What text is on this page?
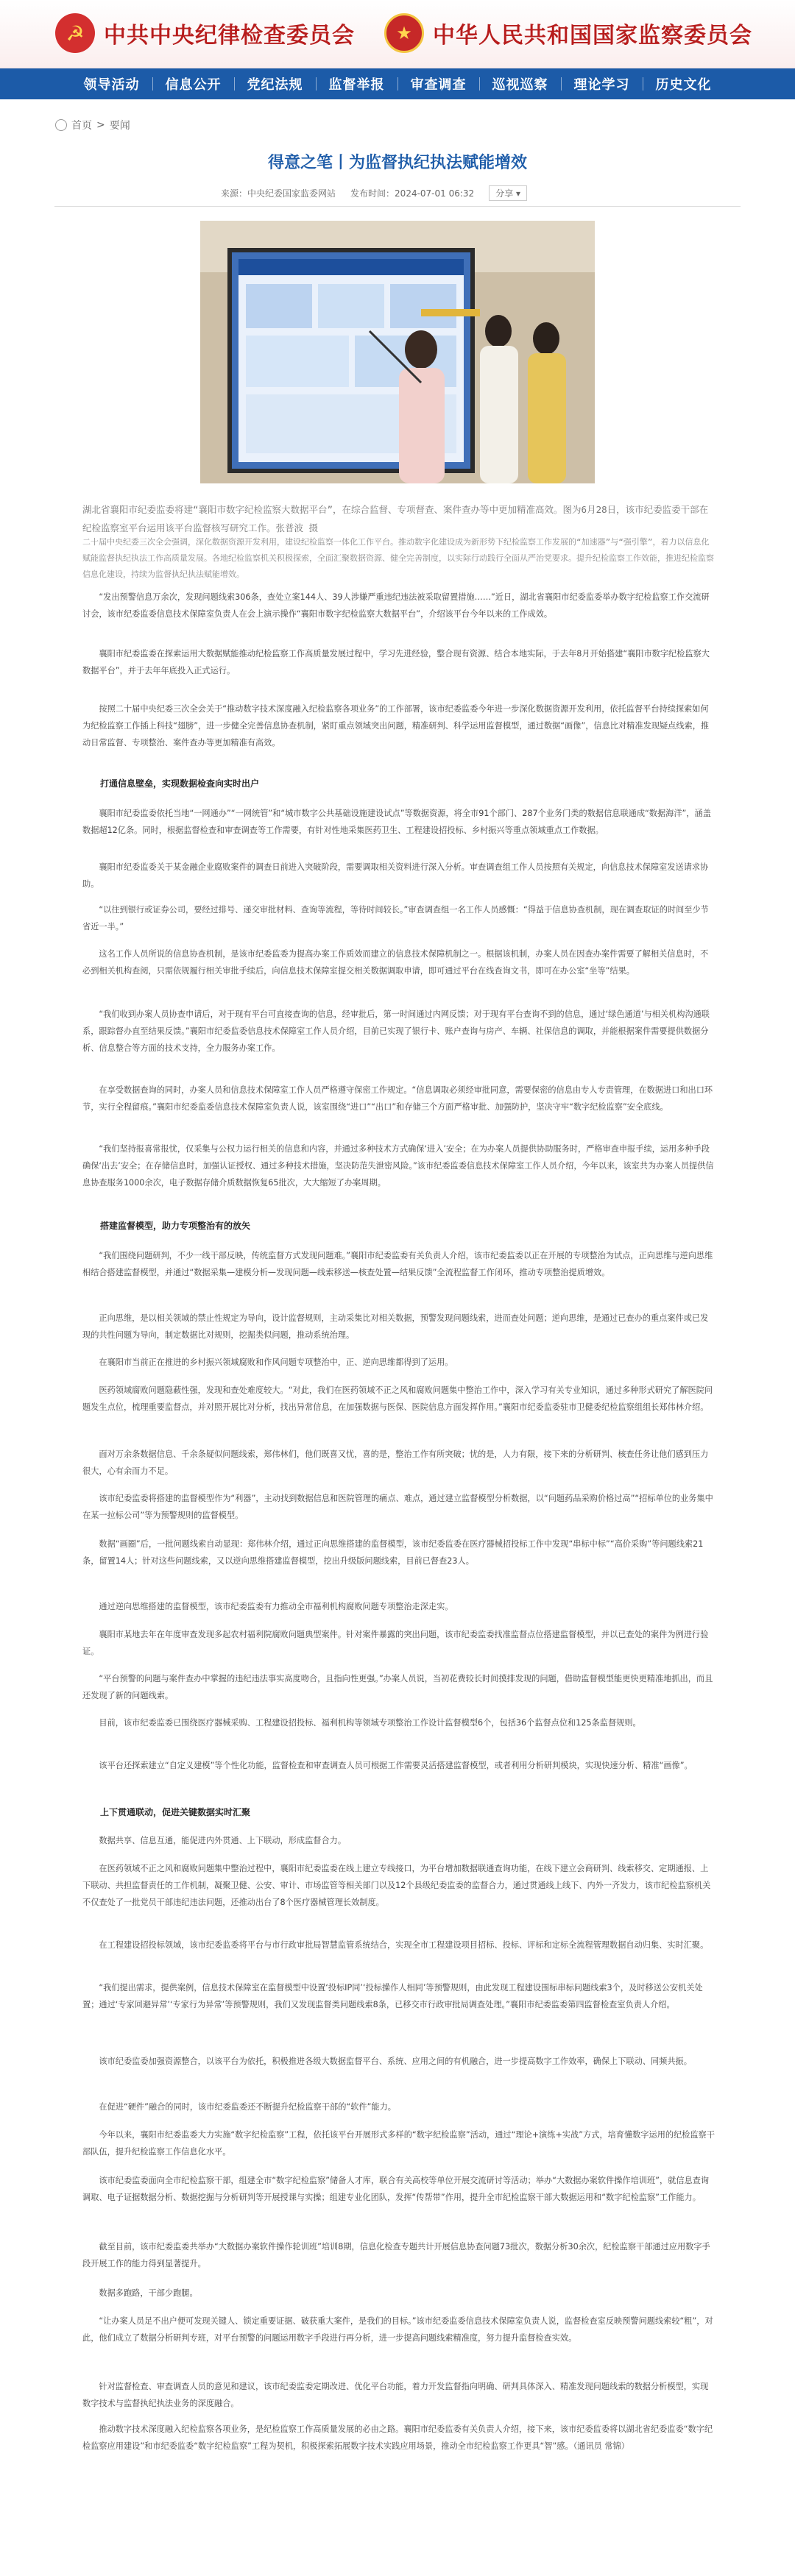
☭ 中共中央纪律检查委员会	★ 中华人民共和国国家监察委员会
领导活动	信息公开	党纪法规	监督举报	审查调查	巡视巡察	理论学习	历史文化
首页 > 要闻
得意之笔丨为监督执纪执法赋能增效
来源：中央纪委国家监委网站 发布时间：2024-07-01 06:32	分享 ▾
湖北省襄阳市纪委监委将建“襄阳市数字纪检监察大数据平台”，在综合监督、专项督查、案件查办等中更加精准高效。图为6月28日，该市纪委监委干部在纪检监察室平台运用该平台监督核写研究工作。张普波 摄
二十届中央纪委三次全会强调，深化数据资源开发利用，建设纪检监察一体化工作平台。推动数字化建设成为新形势下纪检监察工作发展的“加速器”与“强引擎”，着力以信息化赋能监督执纪执法工作高质量发展。各地纪检监察机关积极探索，全面汇聚数据资源、健全完善制度，以实际行动践行全面从严治党要求。提升纪检监察工作效能，推进纪检监察信息化建设，持续为监督执纪执法赋能增效。

“发出预警信息万余次，发现问题线索306条，查处立案144人、39人涉嫌严重违纪违法被采取留置措施……”近日，湖北省襄阳市纪委监委举办数字纪检监察工作交流研讨会，该市纪委监委信息技术保障室负责人在会上演示操作“襄阳市数字纪检监察大数据平台”，介绍该平台今年以来的工作成效。

襄阳市纪委监委在探索运用大数据赋能推动纪检监察工作高质量发展过程中，学习先进经验，整合现有资源、结合本地实际，于去年8月开始搭建“襄阳市数字纪检监察大数据平台”，并于去年年底投入正式运行。

按照二十届中央纪委三次全会关于“推动数字技术深度融入纪检监察各项业务”的工作部署，该市纪委监委今年进一步深化数据资源开发利用，依托监督平台持续探索如何为纪检监察工作插上科技“翅膀”，进一步健全完善信息协查机制，紧盯重点领域突出问题，精准研判、科学运用监督模型，通过数据“画像”，信息比对精准发现疑点线索，推动日常监督、专项整治、案件查办等更加精准有高效。

打通信息壁垒，实现数据检查向实时出户

襄阳市纪委监委依托当地“一网通办”“一网统管”和“城市数字公共基础设施建设试点”等数据资源，将全市91个部门、287个业务门类的数据信息联通成“数据海洋”，涵盖数据超12亿条。同时，根据监督检查和审查调查等工作需要，有针对性地采集医药卫生、工程建设招投标、乡村振兴等重点领域重点工作数据。

襄阳市纪委监委关于某金融企业腐败案件的调查日前进入突破阶段，需要调取相关资料进行深入分析。审查调查组工作人员按照有关规定，向信息技术保障室发送请求协助。

“以往到银行或证券公司，要经过排号、递交审批材料、查询等流程，等待时间较长。”审查调查组一名工作人员感慨：“得益于信息协查机制，现在调查取证的时间至少节省近一半。”

这名工作人员所说的信息协查机制，是该市纪委监委为提高办案工作质效而建立的信息技术保障机制之一。根据该机制，办案人员在因查办案件需要了解相关信息时，不必到相关机构查阅，只需依规履行相关审批手续后，向信息技术保障室提交相关数据调取申请，即可通过平台在线查询文书，即可在办公室“坐等”结果。

“我们收到办案人员协查申请后，对于现有平台可直接查询的信息，经审批后，第一时间通过内网反馈；对于现有平台查询不到的信息，通过‘绿色通道’与相关机构沟通联系，跟踪督办直至结果反馈。”襄阳市纪委监委信息技术保障室工作人员介绍，目前已实现了银行卡、账户查询与房产、车辆、社保信息的调取，并能根据案件需要提供数据分析、信息整合等方面的技术支持，全力服务办案工作。

在享受数据查询的同时，办案人员和信息技术保障室工作人员严格遵守保密工作规定。“信息调取必须经审批同意，需要保密的信息由专人专责管理，在数据进口和出口环节，实行全程留痕。”襄阳市纪委监委信息技术保障室负责人说，该室围绕“进口”“出口”和存储三个方面严格审批、加强防护，坚决守牢“数字纪检监察”安全底线。

“我们坚持报喜常报忧，仅采集与公权力运行相关的信息和内容，并通过多种技术方式确保‘进入’安全；在为办案人员提供协助服务时，严格审查申报手续，运用多种手段确保‘出去’安全；在存储信息时，加强认证授权、通过多种技术措施，坚决防范失泄密风险。”该市纪委监委信息技术保障室工作人员介绍，今年以来，该室共为办案人员提供信息协查服务1000余次，电子数据存储介质数据恢复65批次，大大缩短了办案周期。

搭建监督模型，助力专项整治有的放矢

“我们围绕问题研判，不少一线干部反映，传统监督方式发现问题难。”襄阳市纪委监委有关负责人介绍，该市纪委监委以正在开展的专项整治为试点，正向思维与逆向思维相结合搭建监督模型，并通过“数据采集—建模分析—发现问题—线索移送—核查处置—结果反馈”全流程监督工作闭环，推动专项整治提质增效。

正向思维，是以相关领域的禁止性规定为导向，设计监督规则，主动采集比对相关数据，预警发现问题线索，进而查处问题；逆向思维，是通过已查办的重点案件或已发现的共性问题为导向，制定数据比对规则，挖掘类似问题，推动系统治理。

在襄阳市当前正在推进的乡村振兴领域腐败和作风问题专项整治中，正、逆向思维都得到了运用。

医药领域腐败问题隐蔽性强，发现和查处难度较大。“对此，我们在医药领域不正之风和腐败问题集中整治工作中，深入学习有关专业知识，通过多种形式研究了解医院问题发生点位，梳理重要监督点，并对照开展比对分析，找出异常信息，在加强数据与医保、医院信息方面发挥作用。”襄阳市纪委监委驻市卫健委纪检监察组组长郑伟林介绍。

面对万余条数据信息、千余条疑似问题线索，郑伟林们，他们既喜又忧，喜的是，整治工作有所突破；忧的是，人力有限，接下来的分析研判、核查任务让他们感到压力很大，心有余而力不足。

该市纪委监委将搭建的监督模型作为“利器”，主动找到数据信息和医院管理的痛点、难点，通过建立监督模型分析数据，以“问题药品采购价格过高”“招标单位的业务集中在某一拉标公司”等为预警规则的监督模型。

数据“画圈”后，一批问题线索自动显现：郑伟林介绍，通过正向思维搭建的监督模型，该市纪委监委在医疗器械招投标工作中发现“串标中标”“高价采购”等问题线索21条，留置14人；针对这些问题线索，又以逆向思维搭建监督模型，挖出升级版问题线索，目前已督查23人。

通过逆向思维搭建的监督模型，该市纪委监委有力推动全市福利机构腐败问题专项整治走深走实。

襄阳市某地去年在年度审查发现多起农村福利院腐败问题典型案件。针对案件暴露的突出问题，该市纪委监委找准监督点位搭建监督模型，并以已查处的案件为例进行验证。

“平台预警的问题与案件查办中掌握的违纪违法事实高度吻合，且指向性更强。”办案人员说，当初花费较长时间摸排发现的问题，借助监督模型能更快更精准地抓出，而且还发现了新的问题线索。

目前，该市纪委监委已围绕医疗器械采购、工程建设招投标、福利机构等领域专项整治工作设计监督模型6个，包括36个监督点位和125条监督规则。

该平台还探索建立“自定义建模”等个性化功能，监督检查和审查调查人员可根据工作需要灵活搭建监督模型，或者利用分析研判模块，实现快速分析、精准“画像”。

上下贯通联动，促进关键数据实时汇聚

数据共享、信息互通，能促进内外贯通、上下联动，形成监督合力。

在医药领域不正之风和腐败问题集中整治过程中，襄阳市纪委监委在线上建立专线接口，为平台增加数据联通查询功能，在线下建立会商研判、线索移交、定期通报、上下联动、共担监督责任的工作机制，凝聚卫健、公安、审计、市场监管等相关部门以及12个县级纪委监委的监督合力，通过贯通线上线下、内外一齐发力，该市纪检监察机关不仅查处了一批党员干部违纪违法问题，还推动出台了8个医疗器械管理长效制度。

在工程建设招投标领域，该市纪委监委将平台与市行政审批局智慧监管系统结合，实现全市工程建设项目招标、投标、评标和定标全流程管理数据自动归集、实时汇聚。

“我们提出需求，提供案例，信息技术保障室在监督模型中设置‘投标IP同’‘投标操作人相同’等预警规则，由此发现工程建设围标串标问题线索3个，及时移送公安机关处置；通过‘专家回避异常’‘专家行为异常’等预警规则，我们又发现监督类问题线索8条，已移交市行政审批局调查处理。”襄阳市纪委监委第四监督检查室负责人介绍。

该市纪委监委加强资源整合，以该平台为依托，积极推进各级大数据监督平台、系统、应用之间的有机融合，进一步提高数字工作效率，确保上下联动、同频共振。

在促进“硬件”融合的同时，该市纪委监委还不断提升纪检监察干部的“软件”能力。

今年以来，襄阳市纪委监委大力实施“数字纪检监察”工程，依托该平台开展形式多样的“数字纪检监察”活动，通过“理论+演练+实战”方式，培育懂数字运用的纪检监察干部队伍，提升纪检监察工作信息化水平。

该市纪委监委面向全市纪检监察干部，组建全市“数字纪检监察”储备人才库，联合有关高校等单位开展交流研讨等活动；举办“大数据办案软件操作培训班”，就信息查询调取、电子证据数据分析、数据挖掘与分析研判等开展授课与实操；组建专业化团队，发挥“传帮带”作用，提升全市纪检监察干部大数据运用和“数字纪检监察”工作能力。

截至目前，该市纪委监委共举办“大数据办案软件操作轮训班”培训8期，信息化检查专题共计开展信息协查问题73批次，数据分析30余次，纪检监察干部通过应用数字手段开展工作的能力得到显著提升。

数据多跑路，干部少跑腿。

“让办案人员足不出户便可发现关键人、锁定重要证据、破获重大案件，是我们的目标。”该市纪委监委信息技术保障室负责人说，监督检查室反映预警问题线索较“粗”，对此，他们成立了数据分析研判专班，对平台预警的问题运用数字手段进行再分析，进一步提高问题线索精准度，努力提升监督检查实效。

针对监督检查、审查调查人员的意见和建议，该市纪委监委定期改进、优化平台功能，着力开发监督指向明确、研判具体深入、精准发现问题线索的数据分析模型，实现数字技术与监督执纪执法业务的深度融合。

推动数字技术深度融入纪检监察各项业务，是纪检监察工作高质量发展的必由之路。襄阳市纪委监委有关负责人介绍，接下来，该市纪委监委将以湖北省纪委监委“数字纪检监察应用建设”和市纪委监委“数字纪检监察”工程为契机，积极探索拓展数字技术实践应用场景，推动全市纪检监察工作更具“智”感。（通讯员 常锦）
